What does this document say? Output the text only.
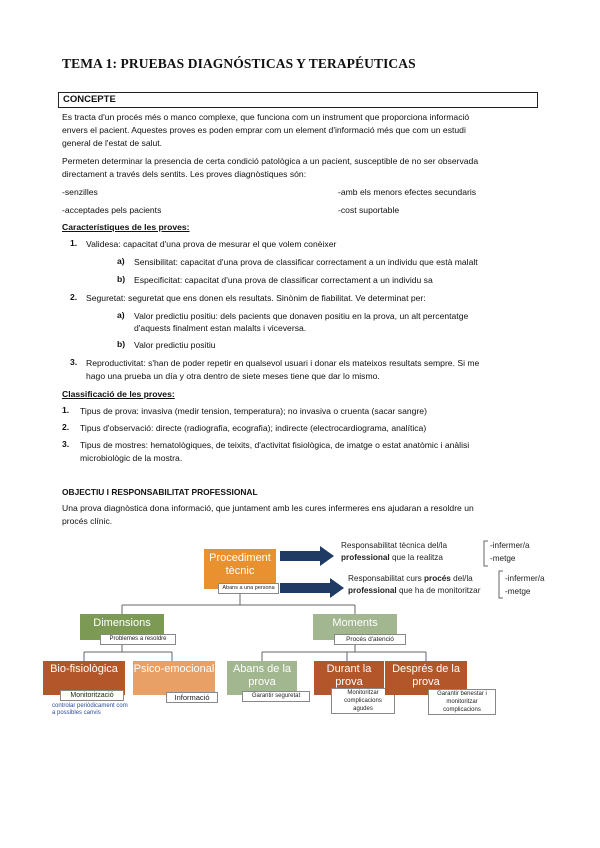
TEMA 1: PRUEBAS DIAGNÓSTICAS Y TERAPÉUTICAS
CONCEPTE
Es tracta d'un procés més o manco complexe, que funciona com un instrument que proporciona informació
envers el pacient. Aquestes proves es poden emprar com un element d'informació més que com un estudi
general de l'estat de salut.
Permeten determinar la presencia de certa condició patològica a un pacient, susceptible de no ser observada
directament a través dels sentits. Les proves diagnòstiques són:
-senzilles	-amb els menors efectes secundaris
-acceptades pels pacients	-cost suportable
Característiques de les proves:
1. Validesa: capacitat d'una prova de mesurar el que volem conèixer
a) Sensibilitat: capacitat d'una prova de classificar correctament a un individu que està malalt
b) Especificitat: capacitat d'una prova de classificar correctament a un individu sa
2. Seguretat: seguretat que ens donen els resultats. Sinònim de fiabilitat. Ve determinat per:
a) Valor predictiu positiu: dels pacients que donaven positiu en la prova, un alt percentatge
d'aquests finalment estan malalts i viceversa.
b) Valor predictiu positiu
3. Reproductivitat: s'han de poder repetir en qualsevol usuari i donar els mateixos resultats sempre. Si me
hago una prueba un día y otra dentro de siete meses tiene que dar lo mismo.
Classificació de les proves:
1. Tipus de prova: invasiva (medir tension, temperatura); no invasiva o cruenta (sacar sangre)
2. Tipus d'observació: directe (radiografia, ecografia); indirecte (electrocardiograma, analítica)
3. Tipus de mostres: hematològiques, de teixits, d'activitat fisiològica, de imatge o estat anatòmic i anàlisi
microbiològic de la mostra.
OBJECTIU I RESPONSABILITAT PROFESSIONAL
Una prova diagnòstica dona informació, que juntament amb les cures infermeres ens ajudaran a resoldre un
procés clínic.
Procediment tècnic
Abans a una persona
Responsabilitat tècnica del/la
professional que la realitza
-infermer/a
-metge
Responsabilitat curs procés del/la
professional que ha de monitoritzar
-infermer/a
-metge
Dimensions
Problemes a resoldre
Moments
Procés d'atenció
Bio-fisiològica
Monitorització
controlar periòdicament com a possibles canvis
Psico-emocional
Informació
Abans de la prova
Garantir seguretat
Durant la prova
Monitoritzar complicacions agudes
Després de la prova
Garantir benestar i monitoritzar complicacions
